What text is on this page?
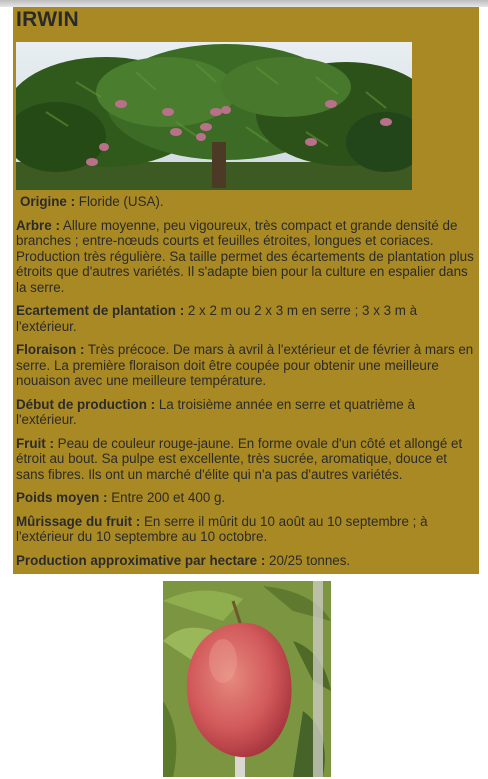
IRWIN

Origine : Floride (USA).

Arbre : Allure moyenne, peu vigoureux, très compact et grande densité de branches ; entre-nœuds courts et feuilles étroites, longues et coriaces. Production très régulière. Sa taille permet des écartements de plantation plus étroits que d'autres variétés. Il s'adapte bien pour la culture en espalier dans la serre.

Ecartement de plantation : 2 x 2 m ou 2 x 3 m en serre ; 3 x 3 m à l'extérieur.

Floraison : Très précoce. De mars à avril à l'extérieur et de février à mars en serre. La première floraison doit être coupée pour obtenir une meilleure nouaison avec une meilleure température.

Début de production : La troisième année en serre et quatrième à l'extérieur.

Fruit : Peau de couleur rouge-jaune. En forme ovale d'un côté et allongé et étroit au bout. Sa pulpe est excellente, très sucrée, aromatique, douce et sans fibres. Ils ont un marché d'élite qui n'a pas d'autres variétés.

Poids moyen : Entre 200 et 400 g.

Mûrissage du fruit : En serre il mûrit du 10 août au 10 septembre ; à l'extérieur du 10 septembre au 10 octobre.

Production approximative par hectare : 20/25 tonnes.
